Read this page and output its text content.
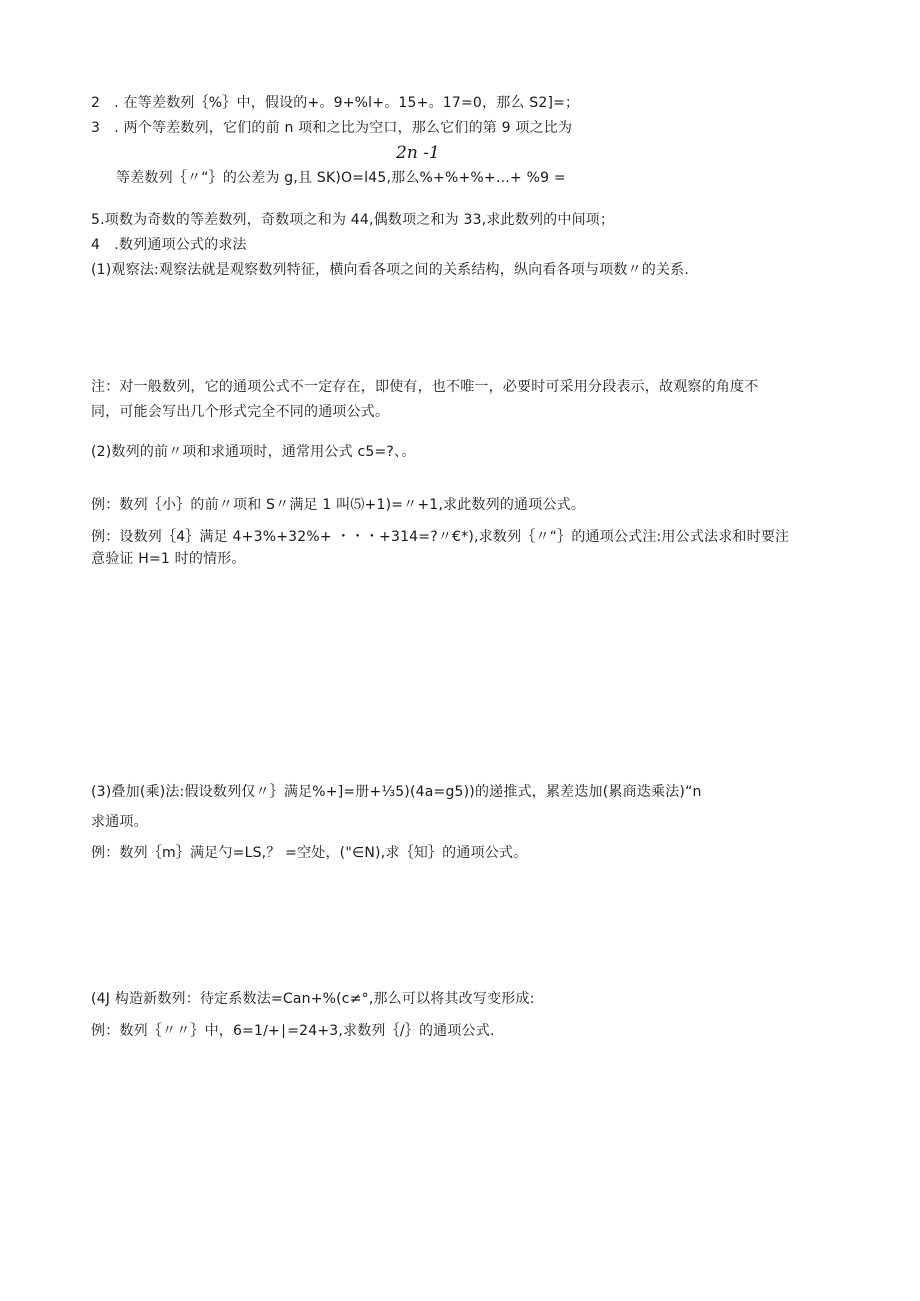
2　. 在等差数列｛%｝中，假设的+。9+%l+。15+。17=0，那么 S2]=；
3　. 两个等差数列，它们的前 n 项和之比为空口，那么它们的第 9 项之比为
2n -1
等差数列｛〃“｝的公差为 g,且 SK)O=l45,那么%+%+%+…+ %9 =
5.项数为奇数的等差数列，奇数项之和为 44,偶数项之和为 33,求此数列的中间项；
4　.数列通项公式的求法
(1)观察法:观察法就是观察数列特征，横向看各项之间的关系结构，纵向看各项与项数〃的关系.
注：对一般数列，它的通项公式不一定存在，即使有，也不唯一，必要时可采用分段表示，故观察的角度不
同，可能会写出几个形式完全不同的通项公式。
(2)数列的前〃项和求通项时，通常用公式 ⅽ5=?、。
例：数列｛小｝的前〃项和 S〃满足 1 叫⑸+1)=〃+1,求此数列的通项公式。
例：设数列｛4｝满足 4+3%+32%+ ・・・+314=?〃€*),求数列｛〃“｝的通项公式注:用公式法求和时要注
意验证 H=1 时的情形。
(3)叠加(乘)法:假设数列仅〃｝满足%+]=册+⅓5)(4a=g5))的递推式，累差迭加(累商迭乘法)“n
求通项。
例：数列｛m｝满足勺=LS,？ =空处，("∈N),求｛知｝的通项公式。
(4J 构造新数列：待定系数法=Can+%(c≠°,那么可以将其改写变形成:
例：数列｛〃〃｝中，6=1∕+∣=24+3,求数列｛/｝的通项公式.
